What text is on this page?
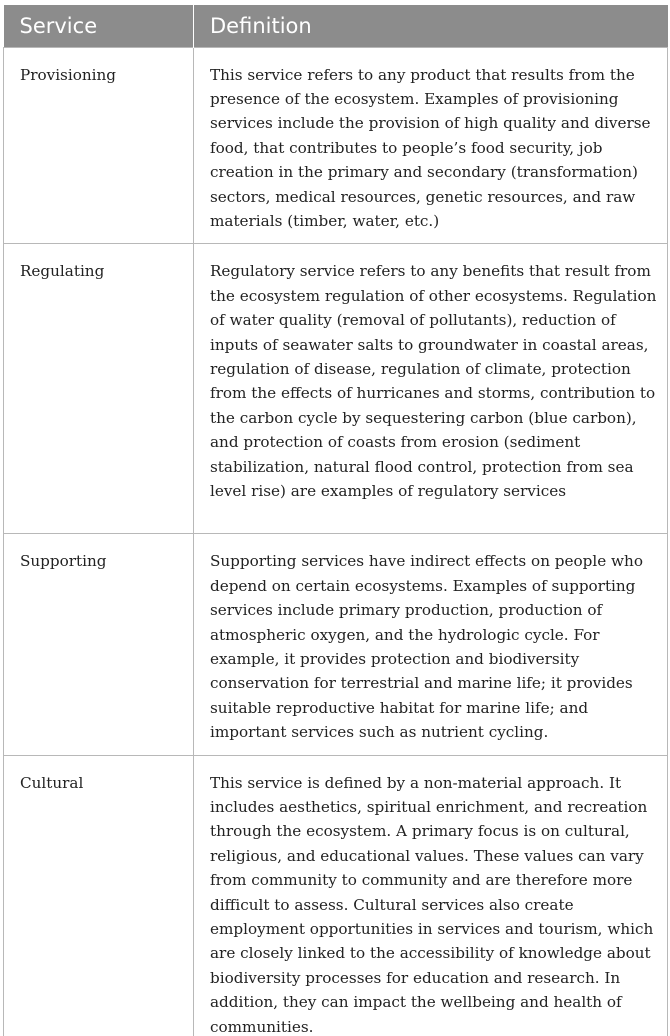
Service	Definition
Provisioning	This service refers to any product that results from the presence of the ecosystem. Examples of provisioning services include the provision of high quality and diverse food, that contributes to people’s food security, job creation in the primary and secondary (transformation) sectors, medical resources, genetic resources, and raw materials (timber, water, etc.)
Regulating	Regulatory service refers to any benefits that result from the ecosystem regulation of other ecosystems. Regulation of water quality (removal of pollutants), reduction of inputs of seawater salts to groundwater in coastal areas, regulation of disease, regulation of climate, protection from the effects of hurricanes and storms, contribution to the carbon cycle by sequestering carbon (blue carbon), and protection of coasts from erosion (sediment stabilization, natural flood control, protection from sea level rise) are examples of regulatory services
Supporting	Supporting services have indirect effects on people who depend on certain ecosystems. Examples of supporting services include primary production, production of atmospheric oxygen, and the hydrologic cycle. For example, it provides protection and biodiversity conservation for terrestrial and marine life; it provides suitable reproductive habitat for marine life; and important services such as nutrient cycling.
Cultural	This service is defined by a non-material approach. It includes aesthetics, spiritual enrichment, and recreation through the ecosystem. A primary focus is on cultural, religious, and educational values. These values can vary from community to community and are therefore more difficult to assess. Cultural services also create employment opportunities in services and tourism, which are closely linked to the accessibility of knowledge about biodiversity processes for education and research. In addition, they can impact the wellbeing and health of communities.
